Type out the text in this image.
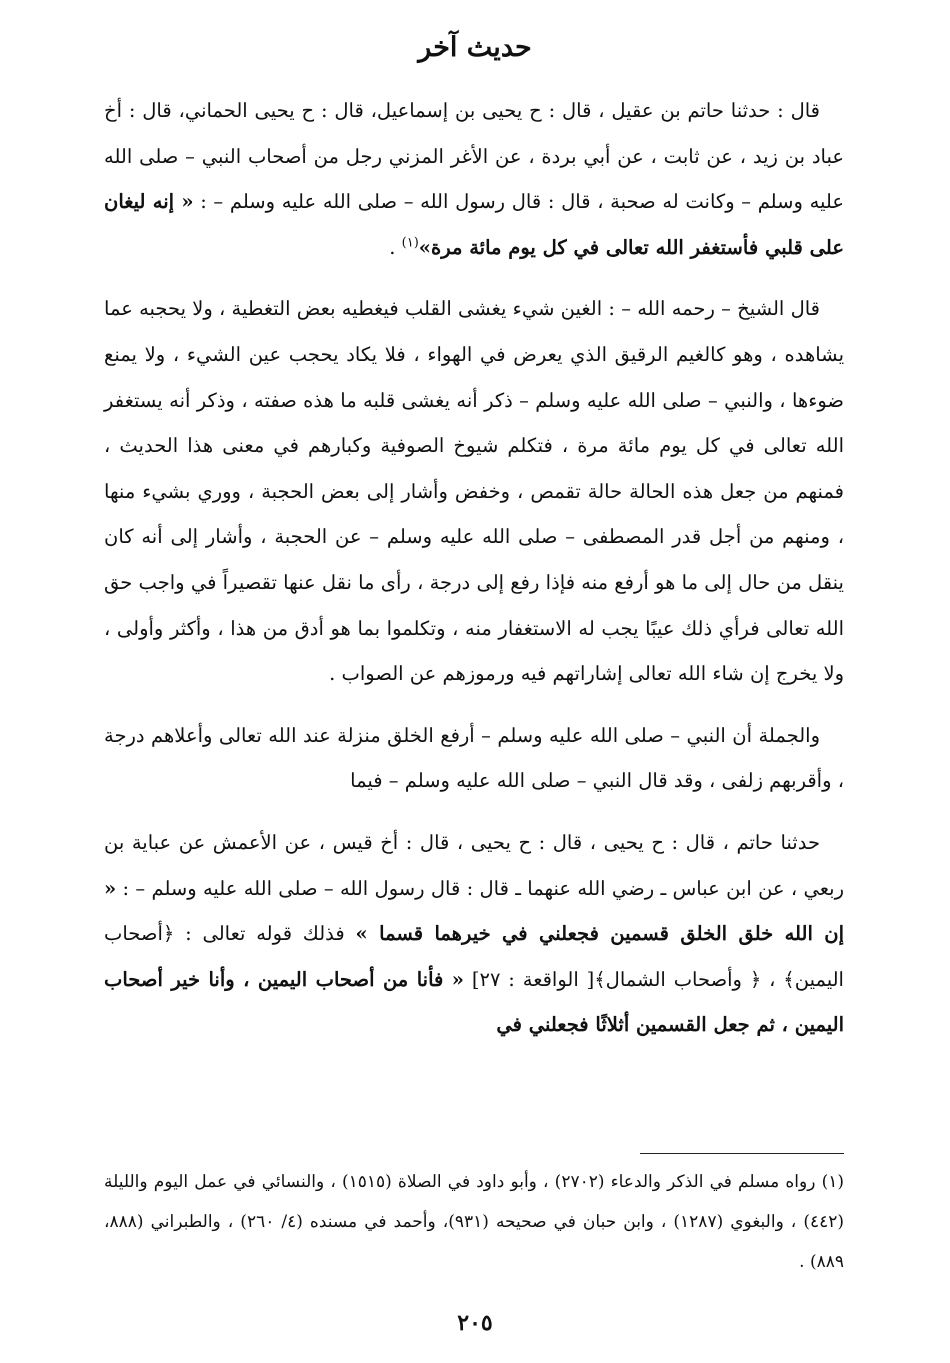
حديث آخر

قال : حدثنا حاتم بن عقيل ، قال : ح يحيى بن إسماعيل، قال : ح يحيى الحماني، قال : أخ عباد بن زيد ، عن ثابت ، عن أبي بردة ، عن الأغر المزني رجل من أصحاب النبي – صلى الله عليه وسلم – وكانت له صحبة ، قال : قال رسول الله – صلى الله عليه وسلم – : « إنه ليغان على قلبي فأستغفر الله تعالى في كل يوم مائة مرة»$^{(١)}$ .

قال الشيخ – رحمه الله – : الغين شيء يغشى القلب فيغطيه بعض التغطية ، ولا يحجبه عما يشاهده ، وهو كالغيم الرقيق الذي يعرض في الهواء ، فلا يكاد يحجب عين الشيء ، ولا يمنع ضوءها ، والنبي – صلى الله عليه وسلم – ذكر أنه يغشى قلبه ما هذه صفته ، وذكر أنه يستغفر الله تعالى في كل يوم مائة مرة ، فتكلم شيوخ الصوفية وكبارهم في معنى هذا الحديث ، فمنهم من جعل هذه الحالة حالة تقمص ، وخفض وأشار إلى بعض الحجبة ، ووري بشيء منها ، ومنهم من أجل قدر المصطفى – صلى الله عليه وسلم – عن الحجبة ، وأشار إلى أنه كان ينقل من حال إلى ما هو أرفع منه فإذا رفع إلى درجة ، رأى ما نقل عنها تقصيراً في واجب حق الله تعالى فرأي ذلك عيبًا يجب له الاستغفار منه ، وتكلموا بما هو أدق من هذا ، وأكثر وأولى ، ولا يخرج إن شاء الله تعالى إشاراتهم فيه ورموزهم عن الصواب .

والجملة أن النبي – صلى الله عليه وسلم – أرفع الخلق منزلة عند الله تعالى وأعلاهم درجة ، وأقربهم زلفى ، وقد قال النبي – صلى الله عليه وسلم – فيما

حدثنا حاتم ، قال : ح يحيى ، قال : ح يحيى ، قال : أخ قيس ، عن الأعمش عن عباية بن ربعي ، عن ابن عباس ـ رضي الله عنهما ـ قال : قال رسول الله – صلى الله عليه وسلم – : « إن الله خلق الخلق قسمين فجعلني في خيرهما قسما » فذلك قوله تعالى : ﴿أصحاب اليمين﴾ ، ﴿ وأصحاب الشمال﴾[ الواقعة : ٢٧] « فأنا من أصحاب اليمين ، وأنا خير أصحاب اليمين ، ثم جعل القسمين أثلاثًا فجعلني في

(١) رواه مسلم في الذكر والدعاء (٢٧٠٢) ، وأبو داود في الصلاة (١٥١٥) ، والنسائي في عمل اليوم والليلة (٤٤٢) ، والبغوي (١٢٨٧) ، وابن حبان في صحيحه (٩٣١)، وأحمد في مسنده (٤/ ٢٦٠) ، والطبراني (٨٨٨، ٨٨٩) .

٢٠٥
